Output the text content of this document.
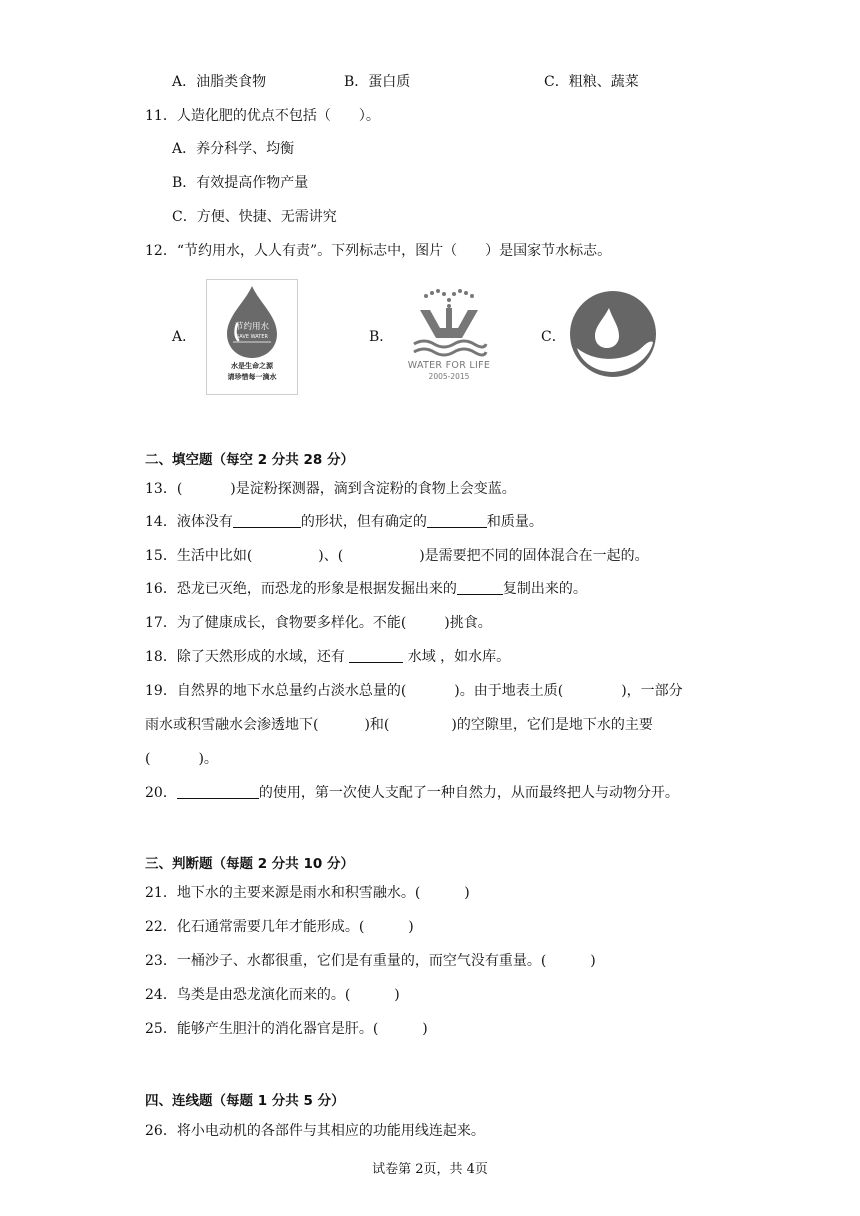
A．油脂类食物	B．蛋白质	C．粗粮、蔬菜
11．人造化肥的优点不包括（　　）。
A．养分科学、均衡
B．有效提高作物产量
C．方便、快捷、无需讲究
12．“节约用水，人人有责”。下列标志中，图片（　　）是国家节水标志。
A．	B．	C．
节约用水
SAVE WATER
水是生命之源
请珍惜每一滴水
WATER FOR LIFE
2005-2015
二、填空题（每空 2 分共 28 分）
13．(	)是淀粉探测器，滴到含淀粉的食物上会变蓝。
14．液体没有	的形状，但有确定的	和质量。
15．生活中比如(	)、(	)是需要把不同的固体混合在一起的。
16．恐龙已灭绝，而恐龙的形象是根据发掘出来的	复制出来的。
17．为了健康成长，食物要多样化。不能(	)挑食。
18．除了天然形成的水域，还有	水域 ，如水库。
19．自然界的地下水总量约占淡水总量的(	)。由于地表土质(	)，一部分
雨水或积雪融水会渗透地下(	)和(	)的空隙里，它们是地下水的主要
(	)。
20．	的使用，第一次使人支配了一种自然力，从而最终把人与动物分开。
三、判断题（每题 2 分共 10 分）
21．地下水的主要来源是雨水和积雪融水。(	)
22．化石通常需要几年才能形成。(	)
23．一桶沙子、水都很重，它们是有重量的，而空气没有重量。(	)
24．鸟类是由恐龙演化而来的。(	)
25．能够产生胆汁的消化器官是肝。(	)
四、连线题（每题 1 分共 5 分）
26．将小电动机的各部件与其相应的功能用线连起来。
试卷第 2页，共 4页
